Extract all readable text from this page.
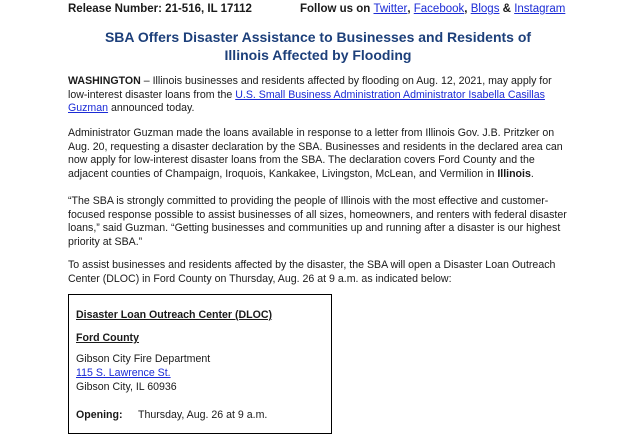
Release Number: 21-516, IL 17112	Follow us on Twitter, Facebook, Blogs & Instagram
SBA Offers Disaster Assistance to Businesses and Residents of
Illinois Affected by Flooding

WASHINGTON – Illinois businesses and residents affected by flooding on Aug. 12, 2021, may apply for low-interest disaster loans from the U.S. Small Business Administration Administrator Isabella Casillas Guzman announced today.

Administrator Guzman made the loans available in response to a letter from Illinois Gov. J.B. Pritzker on Aug. 20, requesting a disaster declaration by the SBA. Businesses and residents in the declared area can now apply for low-interest disaster loans from the SBA. The declaration covers Ford County and the adjacent counties of Champaign, Iroquois, Kankakee, Livingston, McLean, and Vermilion in Illinois.

“The SBA is strongly committed to providing the people of Illinois with the most effective and customer-focused response possible to assist businesses of all sizes, homeowners, and renters with federal disaster loans,” said Guzman. “Getting businesses and communities up and running after a disaster is our highest priority at SBA.”

To assist businesses and residents affected by the disaster, the SBA will open a Disaster Loan Outreach Center (DLOC) in Ford County on Thursday, Aug. 26 at 9 a.m. as indicated below:

Disaster Loan Outreach Center (DLOC)
Ford County
Gibson City Fire Department
115 S. Lawrence St.
Gibson City, IL 60936
Opening: Thursday, Aug. 26 at 9 a.m.
